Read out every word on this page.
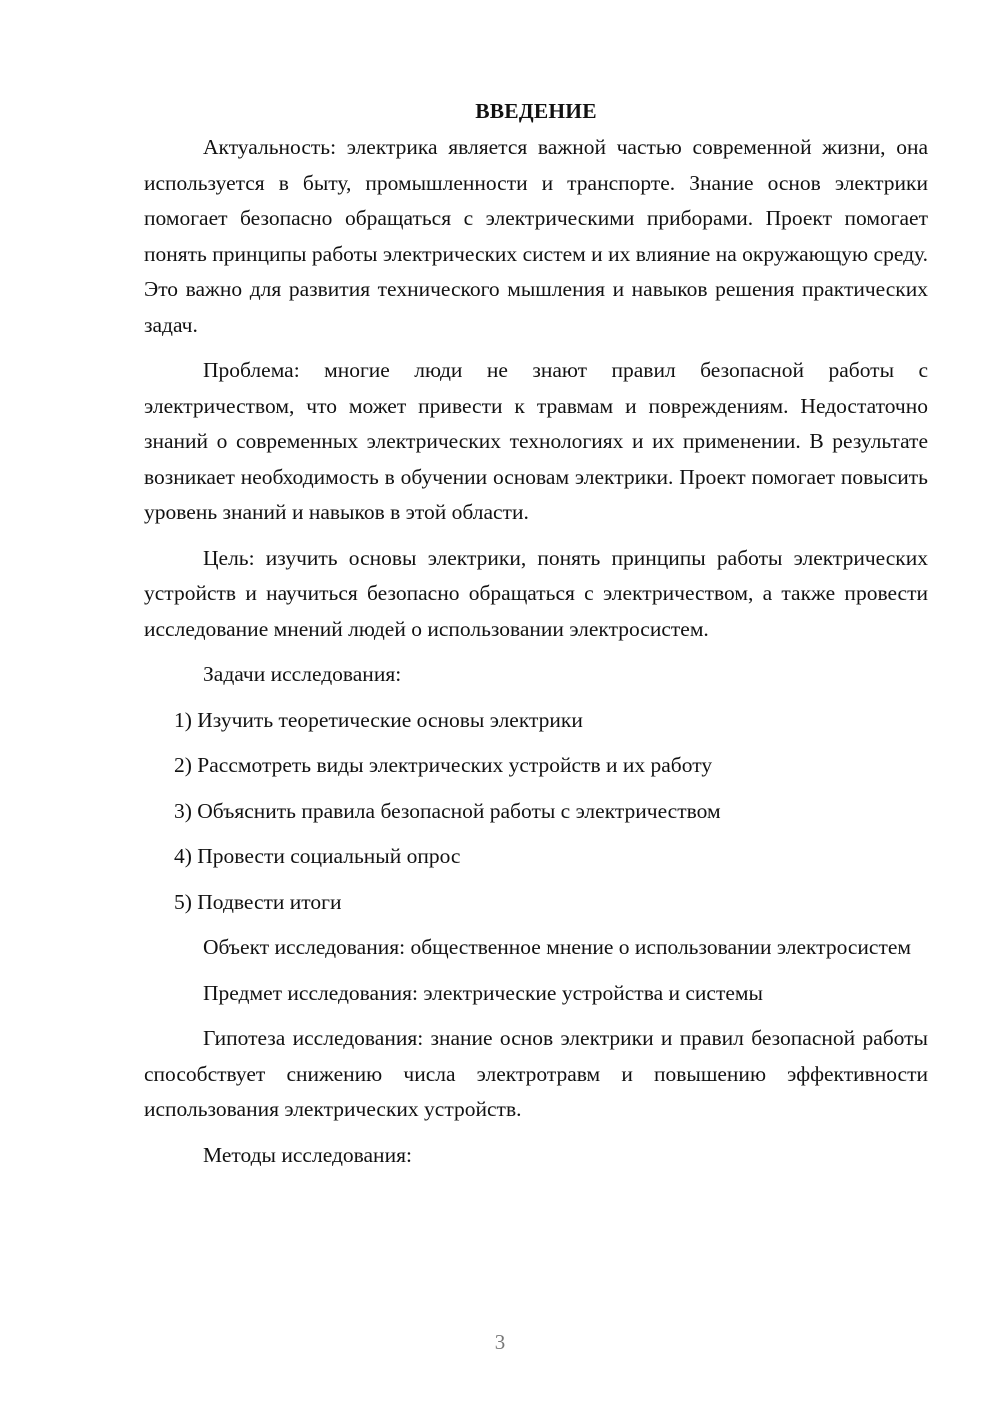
ВВЕДЕНИЕ

Актуальность: электрика является важной частью современной жизни, она используется в быту, промышленности и транспорте. Знание основ электрики помогает безопасно обращаться с электрическими приборами. Проект помогает понять принципы работы электрических систем и их влияние на окружающую среду. Это важно для развития технического мышления и навыков решения практических задач.

Проблема: многие люди не знают правил безопасной работы с электричеством, что может привести к травмам и повреждениям. Недостаточно знаний о современных электрических технологиях и их применении. В результате возникает необходимость в обучении основам электрики. Проект помогает повысить уровень знаний и навыков в этой области.

Цель: изучить основы электрики, понять принципы работы электрических устройств и научиться безопасно обращаться с электричеством, а также провести исследование мнений людей о использовании электросистем.

Задачи исследования:

1) Изучить теоретические основы электрики
2) Рассмотреть виды электрических устройств и их работу
3) Объяснить правила безопасной работы с электричеством
4) Провести социальный опрос
5) Подвести итоги

Объект исследования: общественное мнение о использовании электросистем

Предмет исследования: электрические устройства и системы

Гипотеза исследования: знание основ электрики и правил безопасной работы способствует снижению числа электротравм и повышению эффективности использования электрических устройств.

Методы исследования:

3
